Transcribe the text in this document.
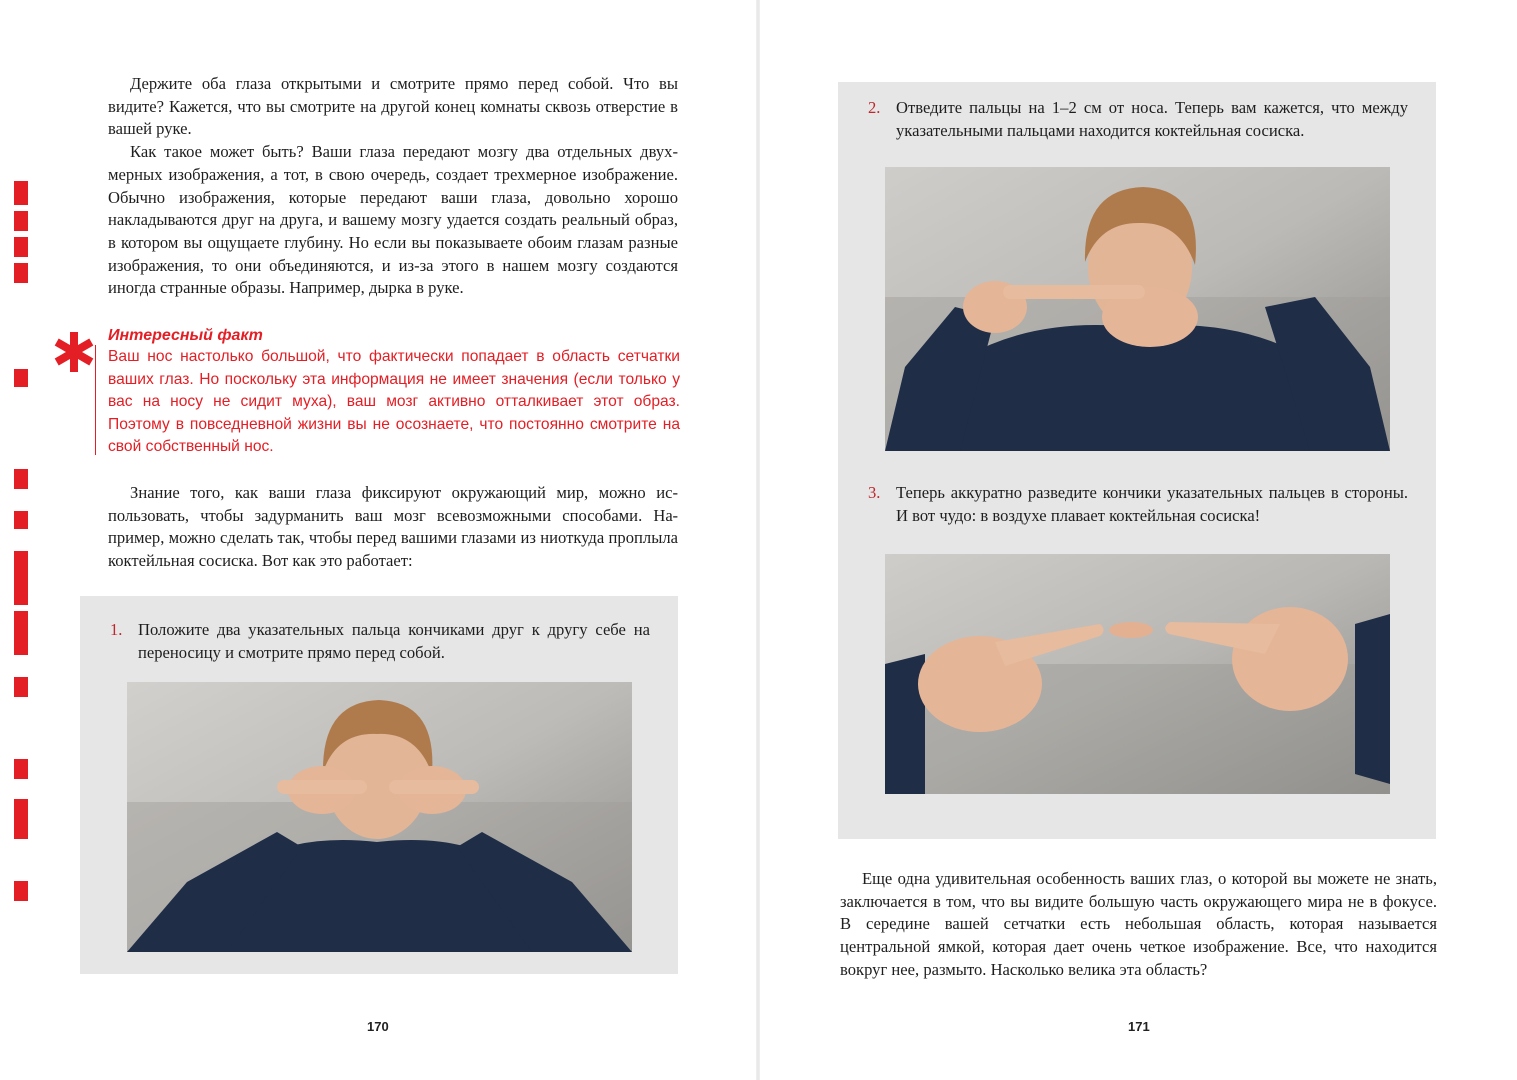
Держите оба глаза открытыми и смотрите прямо перед собой. Что вы видите? Кажется, что вы смотрите на другой конец комнаты сквозь отверстие в вашей руке.

Как такое может быть? Ваши глаза передают мозгу два отдельных двухмерных изображения, а тот, в свою очередь, создает трехмерное изображение. Обычно изображения, которые передают ваши глаза, довольно хорошо накладываются друг на друга, и вашему мозгу удается создать реальный образ, в котором вы ощущаете глубину. Но если вы показываете обоим глазам разные изображения, то они объединяются, и из-за этого в нашем мозгу создаются иногда странные образы. Например, дырка в руке.

Интересный факт

Ваш нос настолько большой, что фактически попадает в область сетчатки ваших глаз. Но поскольку эта информация не имеет значения (если только у вас на носу не сидит муха), ваш мозг активно отталкивает этот образ. Поэтому в повседневной жизни вы не осознаете, что постоянно смотрите на свой собственный нос.

Знание того, как ваши глаза фиксируют окружающий мир, можно использовать, чтобы задурманить ваш мозг всевозможными способами. Например, можно сделать так, чтобы перед вашими глазами из ниоткуда проплыла коктейльная сосиска. Вот как это работает:

1. Положите два указательных пальца кончиками друг к другу себе на переносицу и смотрите прямо перед собой.
170
2. Отведите пальцы на 1–2 см от носа. Теперь вам кажется, что между указательными пальцами находится коктейльная сосиска.
3. Теперь аккуратно разведите кончики указательных пальцев в стороны. И вот чудо: в воздухе плавает коктейльная сосиска!

Еще одна удивительная особенность ваших глаз, о которой вы можете не знать, заключается в том, что вы видите большую часть окружающего мира не в фокусе. В середине вашей сетчатки есть небольшая область, которая называется центральной ямкой, которая дает очень четкое изображение. Все, что находится вокруг нее, размыто. Насколько велика эта область?

171
